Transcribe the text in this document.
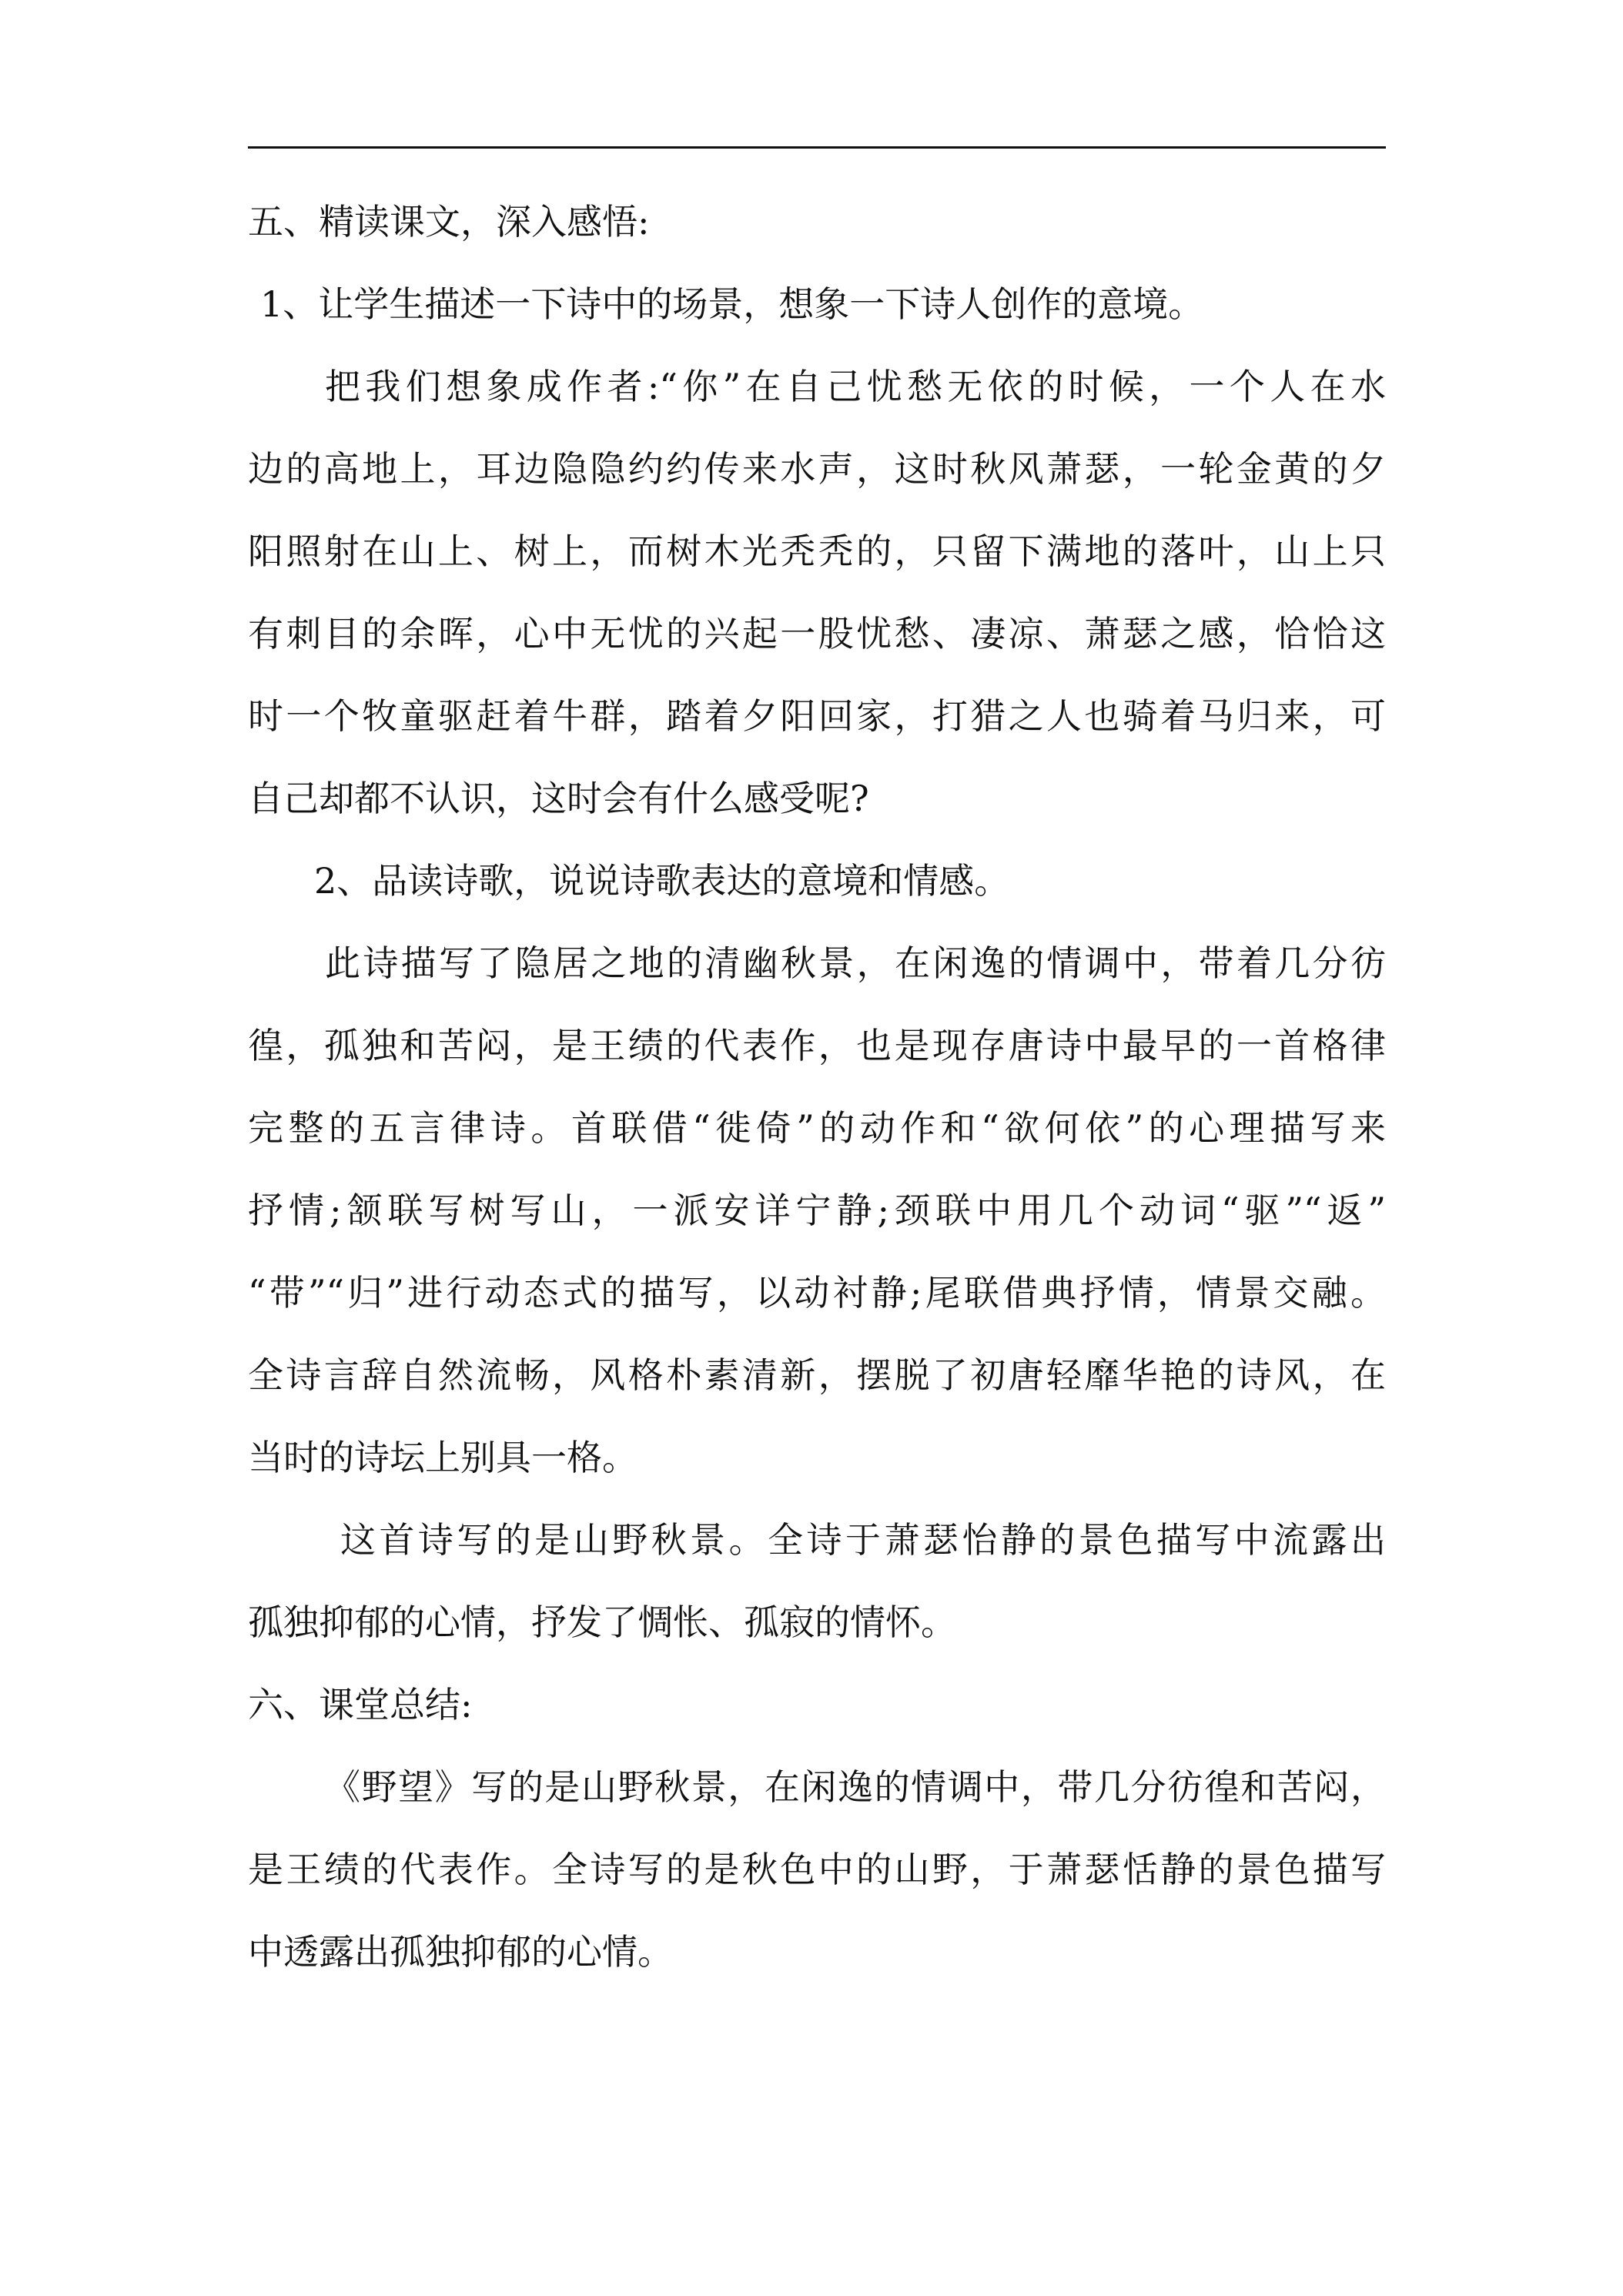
五、精读课文，深入感悟:
1、让学生描述一下诗中的场景，想象一下诗人创作的意境。
把我们想象成作者:“你”在自己忧愁无依的时候，一个人在水
边的高地上，耳边隐隐约约传来水声，这时秋风萧瑟，一轮金黄的夕
阳照射在山上、树上，而树木光秃秃的，只留下满地的落叶，山上只
有刺目的余晖，心中无忧的兴起一股忧愁、凄凉、萧瑟之感，恰恰这
时一个牧童驱赶着牛群，踏着夕阳回家，打猎之人也骑着马归来，可
自己却都不认识，这时会有什么感受呢?
2、品读诗歌，说说诗歌表达的意境和情感。
此诗描写了隐居之地的清幽秋景，在闲逸的情调中，带着几分彷
徨，孤独和苦闷，是王绩的代表作，也是现存唐诗中最早的一首格律
完整的五言律诗。首联借“徙倚”的动作和“欲何依”的心理描写来
抒情;颔联写树写山，一派安详宁静;颈联中用几个动词“驱”“返”
“带”“归”进行动态式的描写，以动衬静;尾联借典抒情，情景交融。
全诗言辞自然流畅，风格朴素清新，摆脱了初唐轻靡华艳的诗风，在
当时的诗坛上别具一格。
这首诗写的是山野秋景。全诗于萧瑟怡静的景色描写中流露出
孤独抑郁的心情，抒发了惆怅、孤寂的情怀。
六、课堂总结:
《野望》写的是山野秋景，在闲逸的情调中，带几分彷徨和苦闷，
是王绩的代表作。全诗写的是秋色中的山野，于萧瑟恬静的景色描写
中透露出孤独抑郁的心情。
